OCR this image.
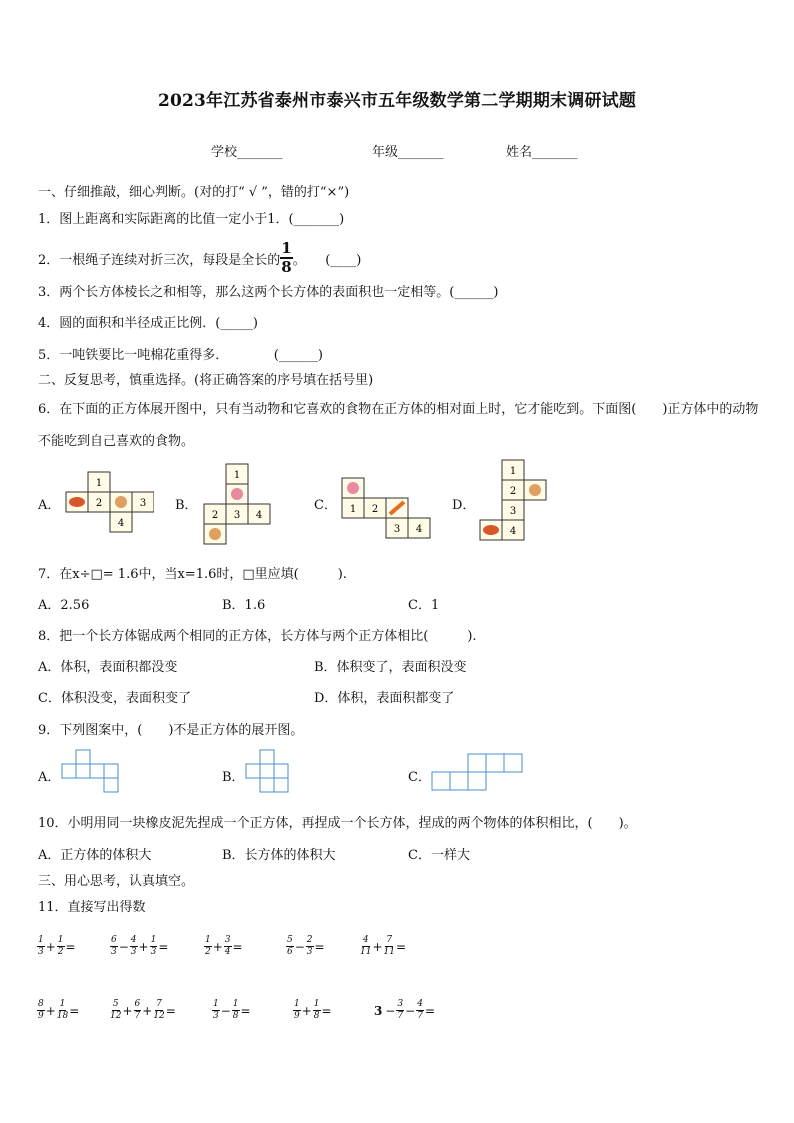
2023年江苏省泰州市泰兴市五年级数学第二学期期末调研试题
学校_______	年级_______	姓名_______
一、仔细推敲，细心判断。(对的打“ √ ”，错的打“×”)
1．图上距离和实际距离的比值一定小于1．(_______)
2．一根绳子连续对折三次，每段是全长的 $\frac{1}{8}$ 。　　(____)
3．两个长方体棱长之和相等，那么这两个长方体的表面积也一定相等。(______)
4．圆的面积和半径成正比例．(_____)
5．一吨铁要比一吨棉花重得多．　　　　(______)
二、反复思考，慎重选择。(将正确答案的序号填在括号里)
6．在下面的正方体展开图中，只有当动物和它喜欢的食物在正方体的相对面上时，它才能吃到。下面图(　　)正方体中的动物不能吃到自己喜欢的食物。
A．
1
2	3
4
B．
1
2 3 4
C． 1 2
3 4
D．
1
2
3
4
7．在x÷□= 1.6中，当x=1.6时，□里应填(　　　).
A．2.56	B．1.6	C．1
8．把一个长方体锯成两个相同的正方体，长方体与两个正方体相比(　　　).
A．体积，表面积都没变	B．体积变了，表面积没变
C．体积没变，表面积变了	D．体积，表面积都变了
9．下列图案中，(　　)不是正方体的展开图。
A．	B．	C．
10．小明用同一块橡皮泥先捏成一个正方体，再捏成一个长方体，捏成的两个物体的体积相比，(　　)。
A．正方体的体积大	B．长方体的体积大	C．一样大
三、用心思考，认真填空。
11．直接写出得数
$\frac{1}{3} + \frac{1}{2}$ =	$\frac{6}{3} - \frac{4}{3} + \frac{1}{3}$ =	$\frac{1}{2} + \frac{3}{4}$ =	$\frac{5}{6} - \frac{2}{3}$ =	$\frac{4}{11} + \frac{7}{11}$ =
$\frac{8}{9} + \frac{1}{18}$ =	$\frac{5}{12} + \frac{6}{7} + \frac{7}{12}$ =	$\frac{1}{3} - \frac{1}{8}$ =	$\frac{1}{9} + \frac{1}{8}$ =	$3 - \frac{3}{7} - \frac{4}{7}$ =
